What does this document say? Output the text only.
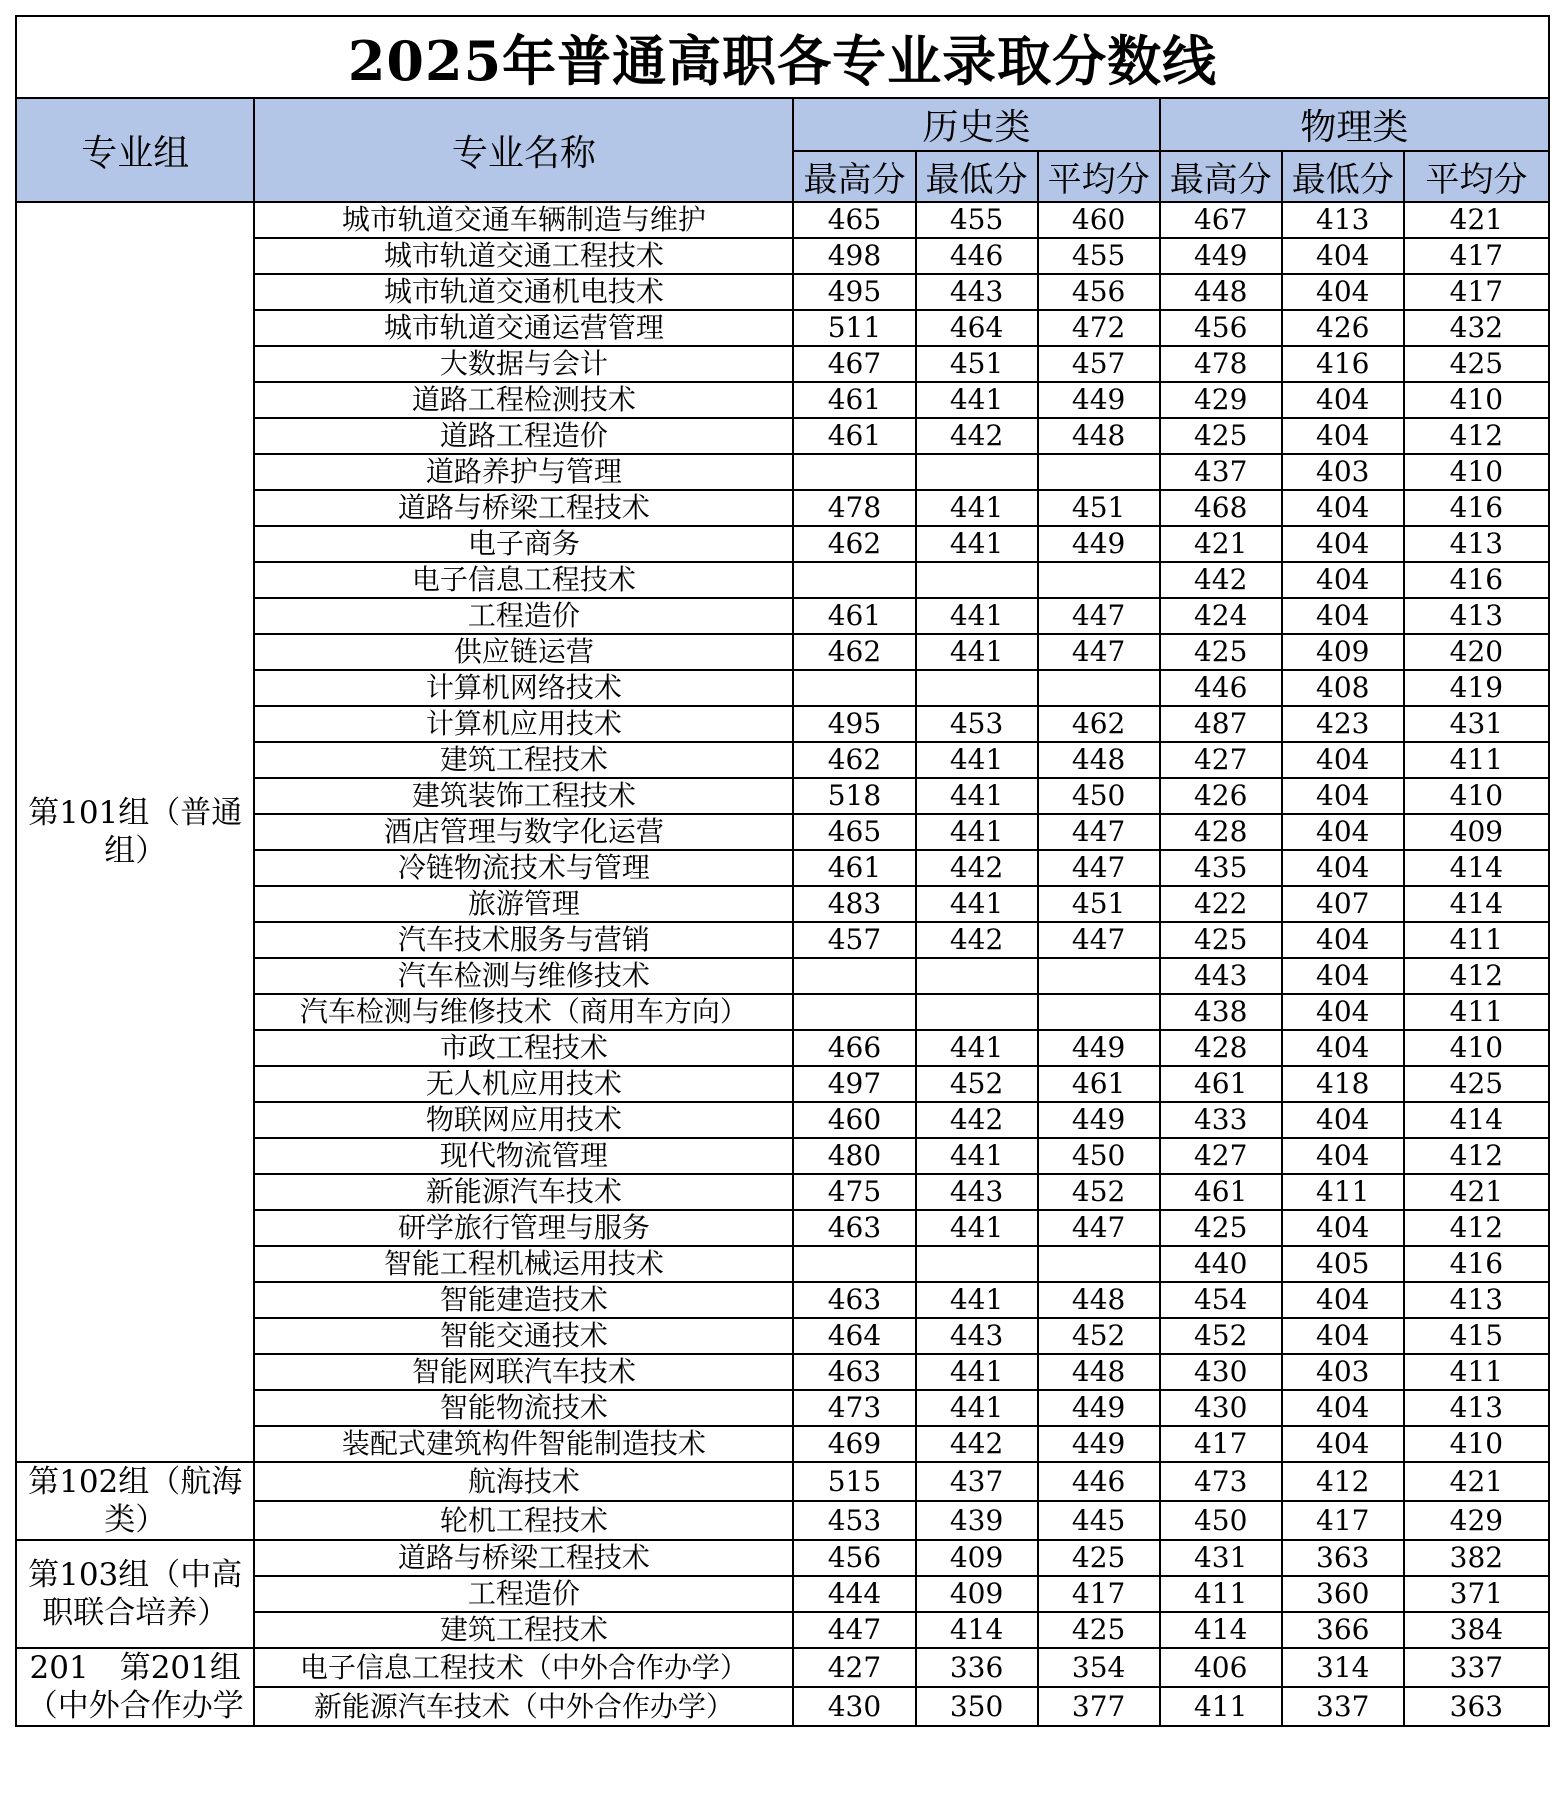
2025年普通高职各专业录取分数线
专业组	专业名称	历史类			物理类		
		最高分	最低分	平均分	最高分	最低分	平均分
第101组（普通组）	城市轨道交通车辆制造与维护	465	455	460	467	413	421
	城市轨道交通工程技术	498	446	455	449	404	417
	城市轨道交通机电技术	495	443	456	448	404	417
	城市轨道交通运营管理	511	464	472	456	426	432
	大数据与会计	467	451	457	478	416	425
	道路工程检测技术	461	441	449	429	404	410
	道路工程造价	461	442	448	425	404	412
	道路养护与管理				437	403	410
	道路与桥梁工程技术	478	441	451	468	404	416
	电子商务	462	441	449	421	404	413
	电子信息工程技术				442	404	416
	工程造价	461	441	447	424	404	413
	供应链运营	462	441	447	425	409	420
	计算机网络技术				446	408	419
	计算机应用技术	495	453	462	487	423	431
	建筑工程技术	462	441	448	427	404	411
	建筑装饰工程技术	518	441	450	426	404	410
	酒店管理与数字化运营	465	441	447	428	404	409
	冷链物流技术与管理	461	442	447	435	404	414
	旅游管理	483	441	451	422	407	414
	汽车技术服务与营销	457	442	447	425	404	411
	汽车检测与维修技术				443	404	412
	汽车检测与维修技术（商用车方向）				438	404	411
	市政工程技术	466	441	449	428	404	410
	无人机应用技术	497	452	461	461	418	425
	物联网应用技术	460	442	449	433	404	414
	现代物流管理	480	441	450	427	404	412
	新能源汽车技术	475	443	452	461	411	421
	研学旅行管理与服务	463	441	447	425	404	412
	智能工程机械运用技术				440	405	416
	智能建造技术	463	441	448	454	404	413
	智能交通技术	464	443	452	452	404	415
	智能网联汽车技术	463	441	448	430	403	411
	智能物流技术	473	441	449	430	404	413
	装配式建筑构件智能制造技术	469	442	449	417	404	410
第102组（航海类）	航海技术	515	437	446	473	412	421
	轮机工程技术	453	439	445	450	417	429
第103组（中高职联合培养）	道路与桥梁工程技术	456	409	425	431	363	382
	工程造价	444	409	417	411	360	371
	建筑工程技术	447	414	425	414	366	384
201　第201组（中外合作办学	电子信息工程技术（中外合作办学）	427	336	354	406	314	337
	新能源汽车技术（中外合作办学）	430	350	377	411	337	363
